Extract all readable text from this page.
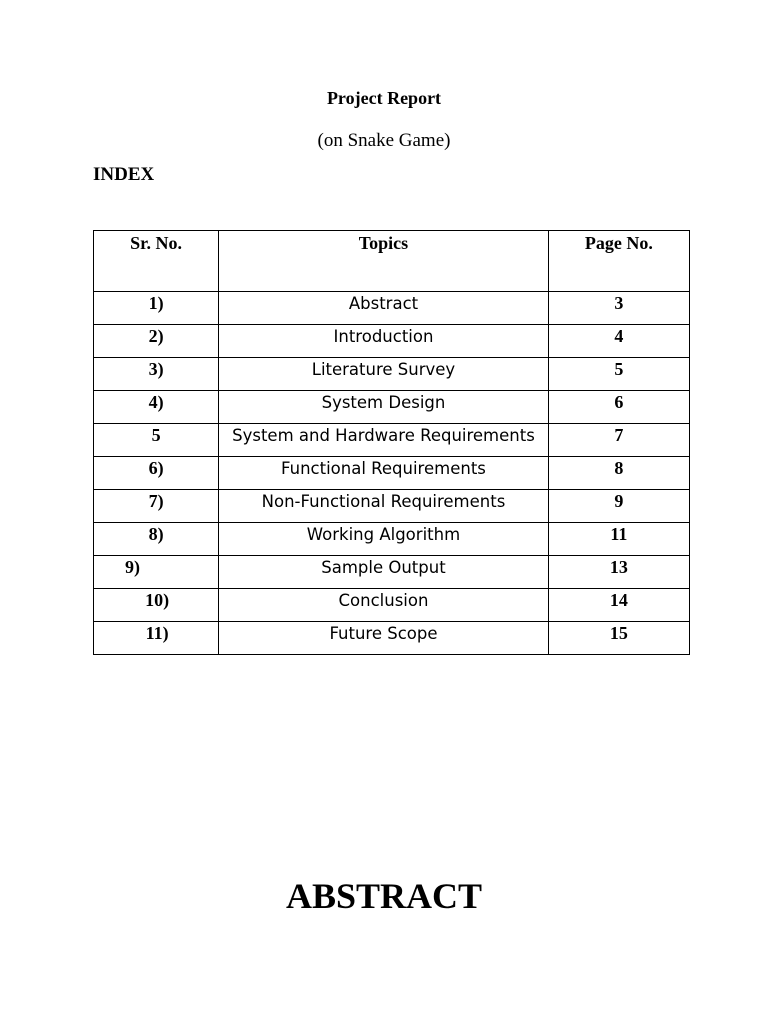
Project Report
(on Snake Game)
INDEX
Sr. No.	Topics	Page No.
1)	Abstract	3
2)	Introduction	4
3)	Literature Survey	5
4)	System Design	6
5	System and Hardware Requirements	7
6)	Functional Requirements	8
7)	Non-Functional Requirements	9
8)	Working Algorithm	11
9)	Sample Output	13
10)	Conclusion	14
11)	Future Scope	15
ABSTRACT
